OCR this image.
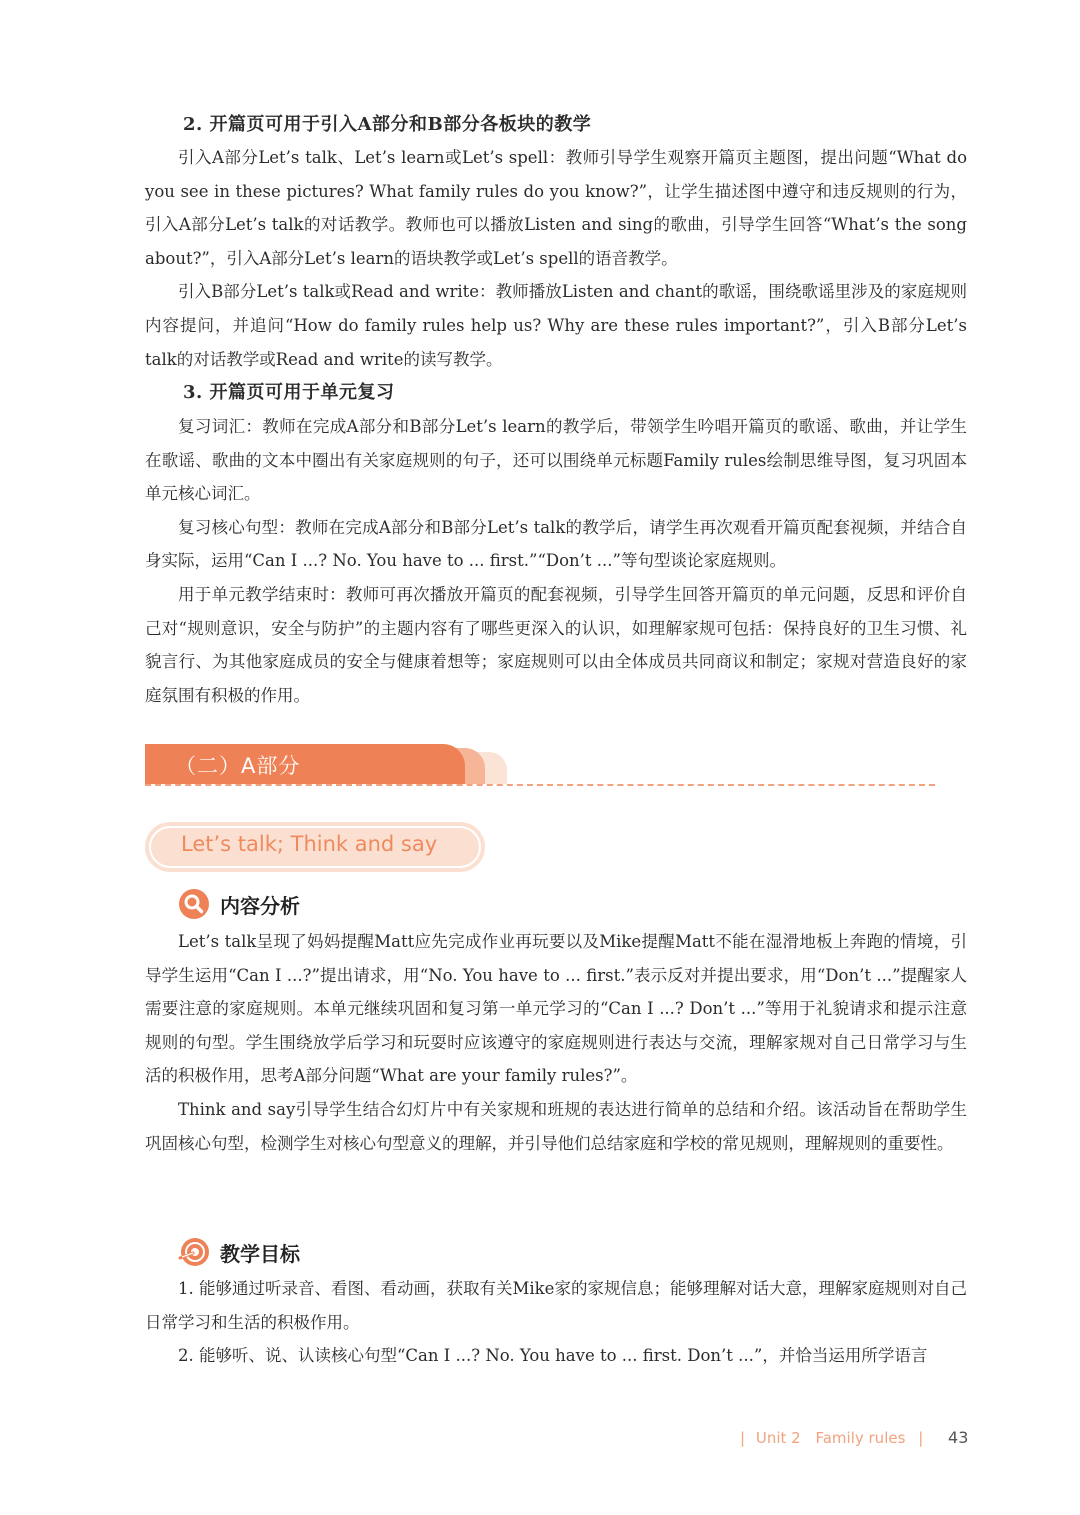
2. 开篇页可用于引入A部分和B部分各板块的教学

引入A部分Let’s talk、Let’s learn或Let’s spell：教师引导学生观察开篇页主题图，提出问题“What do you see in these pictures? What family rules do you know?”，让学生描述图中遵守和违反规则的行为，引入A部分Let’s talk的对话教学。教师也可以播放Listen and sing的歌曲，引导学生回答“What’s the song about?”，引入A部分Let’s learn的语块教学或Let’s spell的语音教学。

引入B部分Let’s talk或Read and write：教师播放Listen and chant的歌谣，围绕歌谣里涉及的家庭规则内容提问，并追问“How do family rules help us? Why are these rules important?”，引入B部分Let’s talk的对话教学或Read and write的读写教学。

3. 开篇页可用于单元复习

复习词汇：教师在完成A部分和B部分Let’s learn的教学后，带领学生吟唱开篇页的歌谣、歌曲，并让学生在歌谣、歌曲的文本中圈出有关家庭规则的句子，还可以围绕单元标题Family rules绘制思维导图，复习巩固本单元核心词汇。

复习核心句型：教师在完成A部分和B部分Let’s talk的教学后，请学生再次观看开篇页配套视频，并结合自身实际，运用“Can I ...? No. You have to ... first.”“Don’t ...”等句型谈论家庭规则。

用于单元教学结束时：教师可再次播放开篇页的配套视频，引导学生回答开篇页的单元问题，反思和评价自己对“规则意识，安全与防护”的主题内容有了哪些更深入的认识，如理解家规可包括：保持良好的卫生习惯、礼貌言行、为其他家庭成员的安全与健康着想等；家庭规则可以由全体成员共同商议和制定；家规对营造良好的家庭氛围有积极的作用。

（二）A部分
Let’s talk; Think and say
内容分析

Let’s talk呈现了妈妈提醒Matt应先完成作业再玩要以及Mike提醒Matt不能在湿滑地板上奔跑的情境，引导学生运用“Can I ...?”提出请求，用“No. You have to ... first.”表示反对并提出要求，用“Don’t ...”提醒家人需要注意的家庭规则。本单元继续巩固和复习第一单元学习的“Can I ...? Don’t ...”等用于礼貌请求和提示注意规则的句型。学生围绕放学后学习和玩耍时应该遵守的家庭规则进行表达与交流，理解家规对自己日常学习与生活的积极作用，思考A部分问题“What are your family rules?”。

Think and say引导学生结合幻灯片中有关家规和班规的表达进行简单的总结和介绍。该活动旨在帮助学生巩固核心句型，检测学生对核心句型意义的理解，并引导他们总结家庭和学校的常见规则，理解规则的重要性。

教学目标

1. 能够通过听录音、看图、看动画，获取有关Mike家的家规信息；能够理解对话大意，理解家庭规则对自己日常学习和生活的积极作用。

2. 能够听、说、认读核心句型“Can I ...? No. You have to ... first. Don’t ...”，并恰当运用所学语言

| Unit 2 Family rules | 43
